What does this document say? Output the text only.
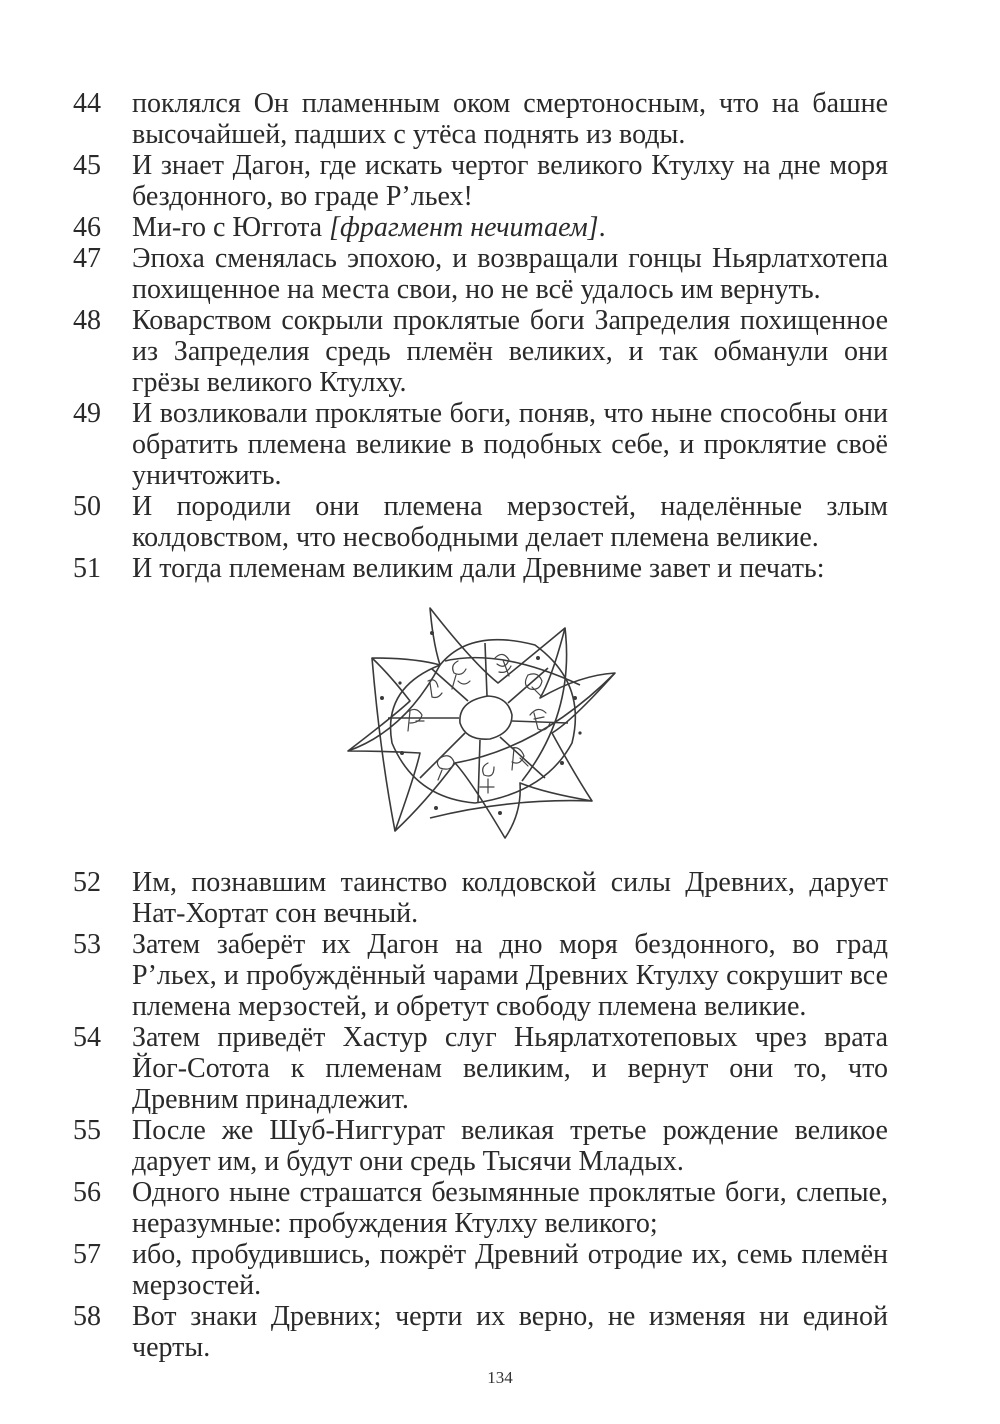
44 поклялся Он пламенным оком смертоносным, что на башне высочайшей, падших с утёса поднять из воды.
45 И знает Дагон, где искать чертог великого Ктулху на дне моря бездонного, во граде Р’льех!
46 Ми-го с Юггота [фрагмент нечитаем].
47 Эпоха сменялась эпохою, и возвращали гонцы Ньярлатхотепа похищенное на места свои, но не всё удалось им вернуть.
48 Коварством сокрыли проклятые боги Запределия похищенное из Запределия средь племён великих, и так обманули они грёзы великого Ктулху.
49 И возликовали проклятые боги, поняв, что ныне способны они обратить племена великие в подобных себе, и проклятие своё уничтожить.
50 И породили они племена мерзостей, наделённые злым колдовством, что несвободными делает племена великие.
51 И тогда племенам великим дали Древниме завет и печать:
52 Им, познавшим таинство колдовской силы Древних, дарует Нат-Хортат сон вечный.
53 Затем заберёт их Дагон на дно моря бездонного, во град Р’льех, и пробуждённый чарами Древних Ктулху сокрушит все племена мерзостей, и обретут свободу племена великие.
54 Затем приведёт Хастур слуг Ньярлатхотеповых чрез врата Йог-Сотота к племенам великим, и вернут они то, что Древним принадлежит.
55 После же Шуб-Ниггурат великая третье рождение великое дарует им, и будут они средь Тысячи Младых.
56 Одного ныне страшатся безымянные проклятые боги, слепые, неразумные: пробуждения Ктулху великого;
57 ибо, пробудившись, пожрёт Древний отродие их, семь племён мерзостей.
58 Вот знаки Древних; черти их верно, не изменяя ни единой черты.
134
